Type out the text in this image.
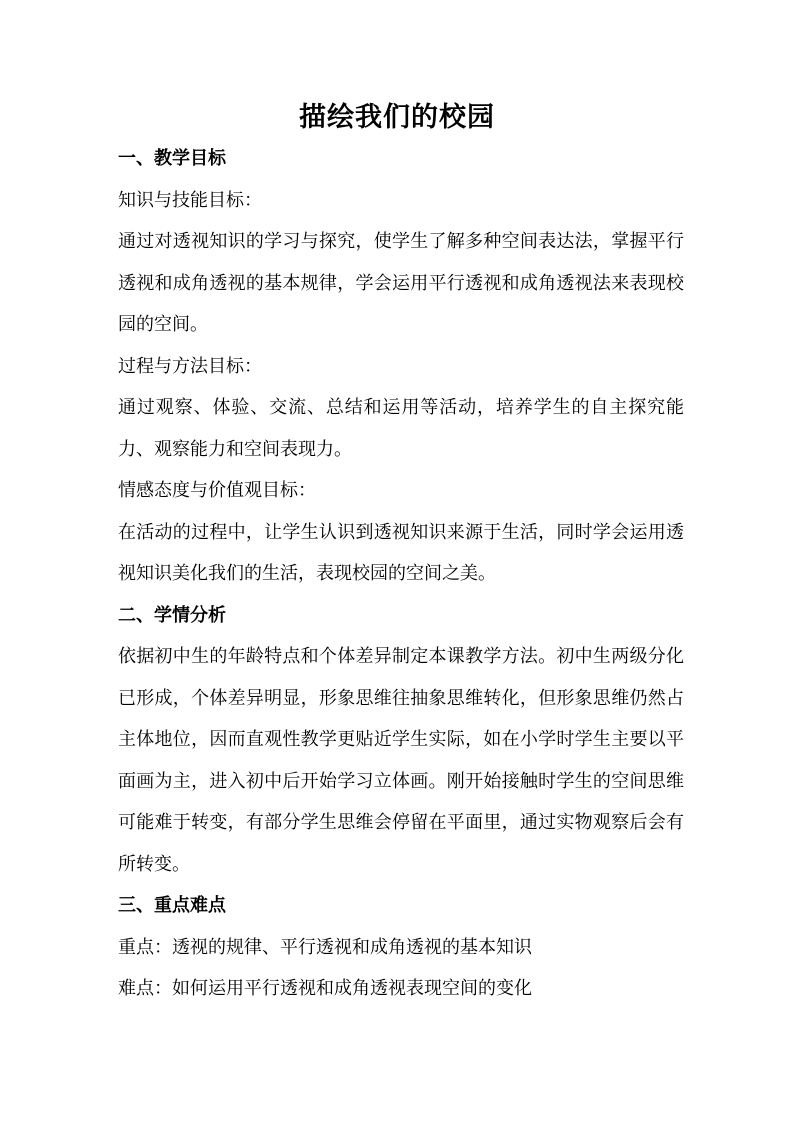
描绘我们的校园
一、教学目标
知识与技能目标：
通过对透视知识的学习与探究，使学生了解多种空间表达法，掌握平行透视和成角透视的基本规律，学会运用平行透视和成角透视法来表现校园的空间。
过程与方法目标：
通过观察、体验、交流、总结和运用等活动，培养学生的自主探究能力、观察能力和空间表现力。
情感态度与价值观目标：
在活动的过程中，让学生认识到透视知识来源于生活，同时学会运用透视知识美化我们的生活，表现校园的空间之美。
二、学情分析
依据初中生的年龄特点和个体差异制定本课教学方法。初中生两级分化已形成，个体差异明显，形象思维往抽象思维转化，但形象思维仍然占主体地位，因而直观性教学更贴近学生实际，如在小学时学生主要以平面画为主，进入初中后开始学习立体画。刚开始接触时学生的空间思维可能难于转变，有部分学生思维会停留在平面里，通过实物观察后会有所转变。
三、重点难点
重点：透视的规律、平行透视和成角透视的基本知识
难点：如何运用平行透视和成角透视表现空间的变化
